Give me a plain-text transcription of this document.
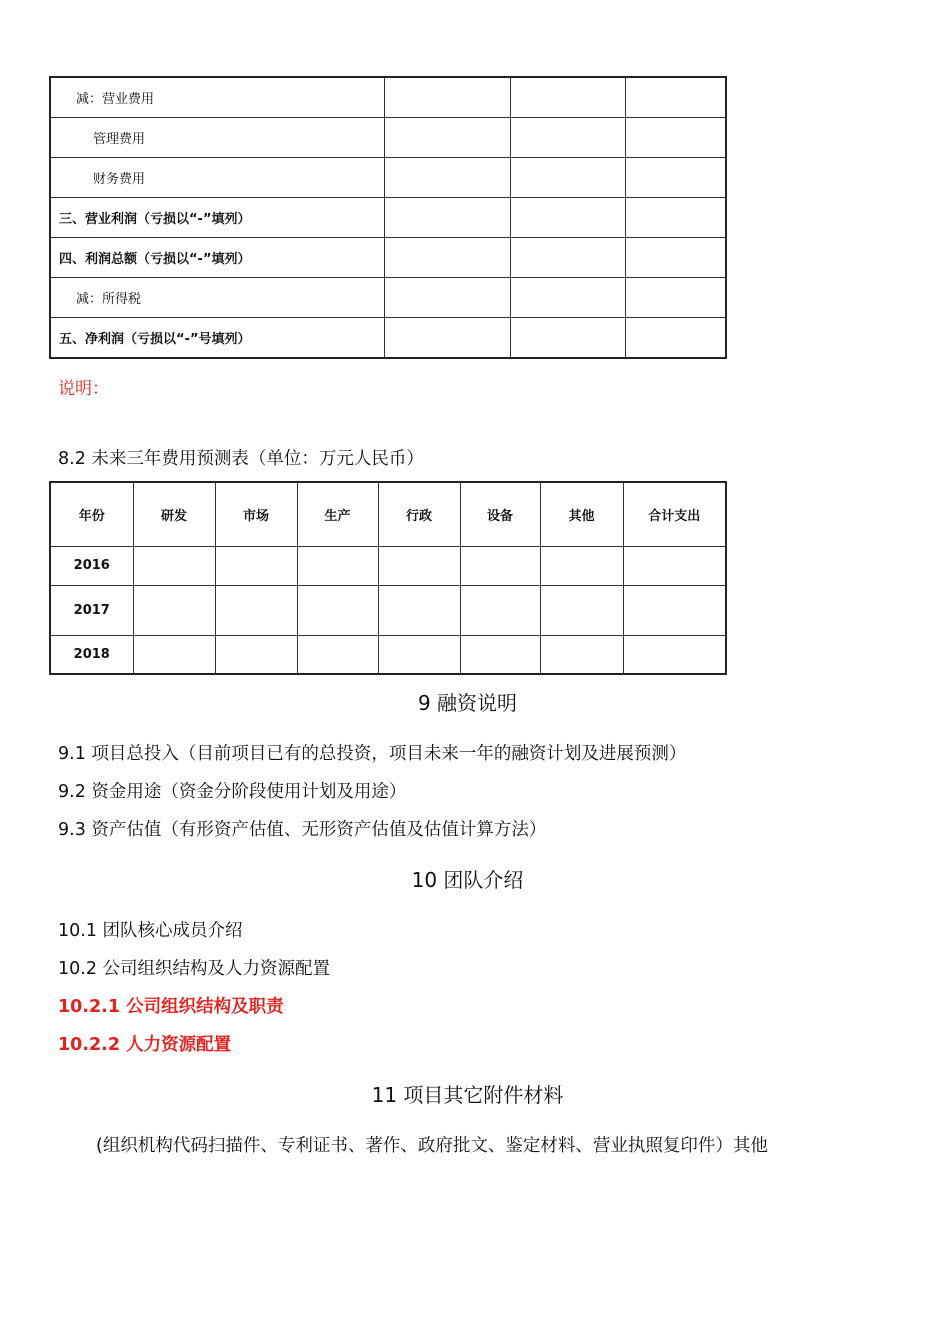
减：营业费用			
管理费用			
财务费用			
三、营业利润（亏损以“-”填列）			
四、利润总额（亏损以“-”填列）			
减：所得税			
五、净利润（亏损以“-”号填列）			
说明：
8.2 未来三年费用预测表（单位：万元人民币）
年份	研发	市场	生产	行政	设备	其他	合计支出
2016							
2017							
2018							
9 融资说明
9.1 项目总投入（目前项目已有的总投资，项目未来一年的融资计划及进展预测）
9.2 资金用途（资金分阶段使用计划及用途）
9.3 资产估值（有形资产估值、无形资产估值及估值计算方法）
10 团队介绍
10.1 团队核心成员介绍
10.2 公司组织结构及人力资源配置
10.2.1 公司组织结构及职责
10.2.2 人力资源配置
11 项目其它附件材料
(组织机构代码扫描件、专利证书、著作、政府批文、鉴定材料、营业执照复印件）其他
